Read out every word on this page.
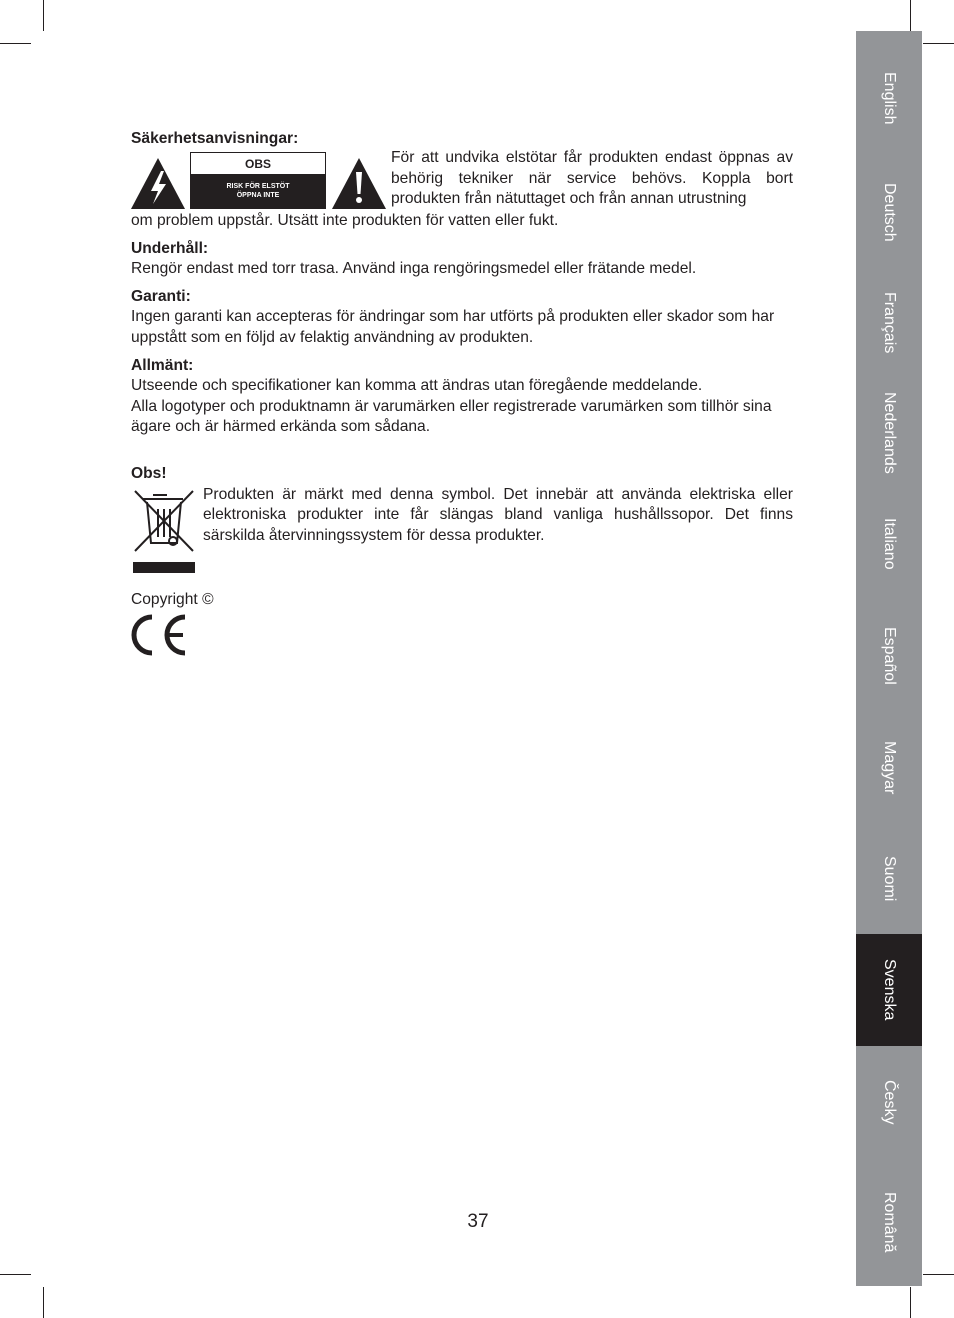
Säkerhetsanvisningar:
OBS
RISK FÖR ELSTÖT
ÖPPNA INTE
För att undvika elstötar får produkten endast öppnas av behörig tekniker när service behövs. Koppla bort produkten från nätuttaget och från annan utrustning

om problem uppstår. Utsätt inte produkten för vatten eller fukt.

Underhåll:
Rengör endast med torr trasa. Använd inga rengöringsmedel eller frätande medel.
Garanti:
Ingen garanti kan accepteras för ändringar som har utförts på produkten eller skador som har uppstått som en följd av felaktig användning av produkten.
Allmänt:
Utseende och specifikationer kan komma att ändras utan föregående meddelande.
Alla logotyper och produktnamn är varumärken eller registrerade varumärken som tillhör sina ägare och är härmed erkända som sådana.
Obs!
Produkten är märkt med denna symbol. Det innebär att använda elektriska eller elektroniska produkter inte får slängas bland vanliga hushållssopor. Det finns särskilda återvinningssystem för dessa produkter.
Copyright ©
English
Deutsch
Français
Nederlands
Italiano
Español
Magyar
Suomi
Svenska
Česky
Română
37
